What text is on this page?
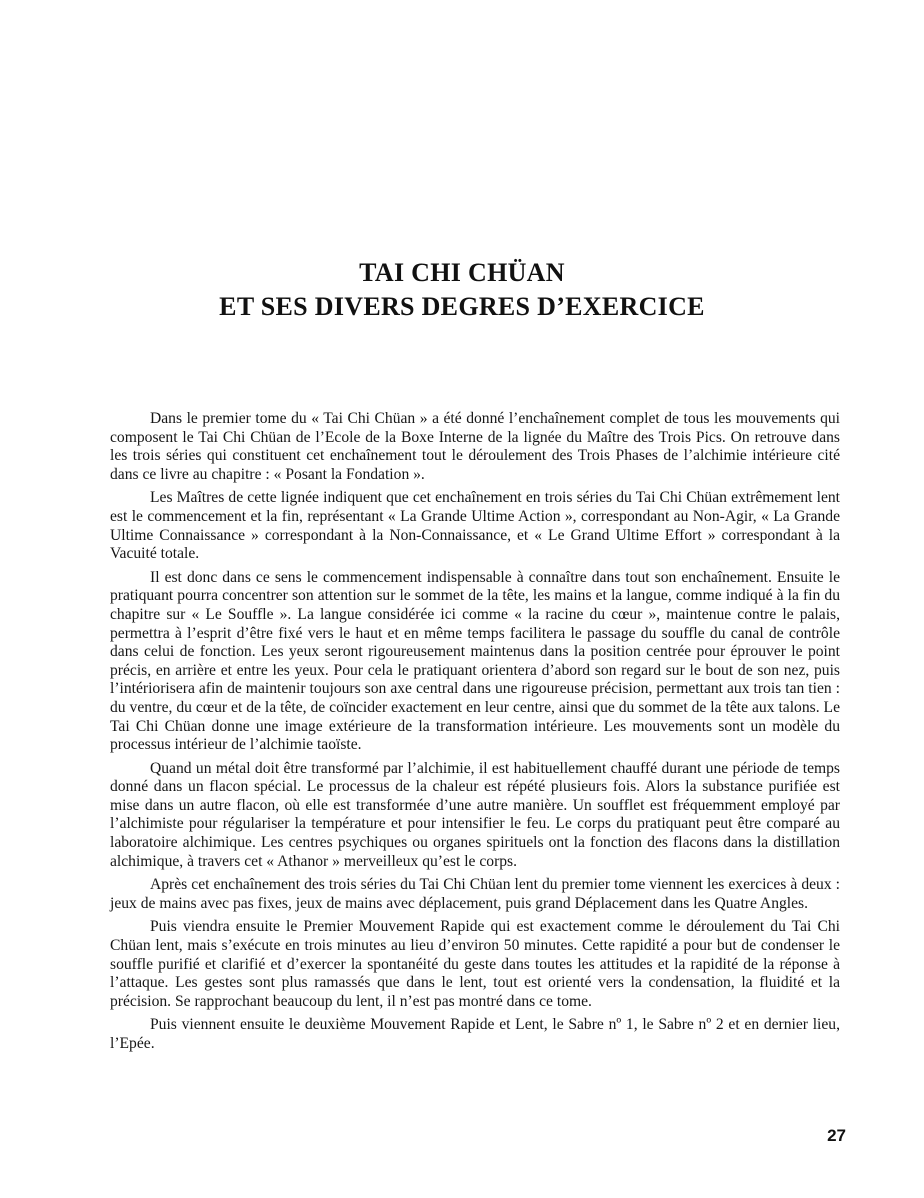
TAI CHI CHÜAN
ET SES DIVERS DEGRES D’EXERCICE

Dans le premier tome du « Tai Chi Chüan » a été donné l’enchaînement complet de tous les mouvements qui composent le Tai Chi Chüan de l’Ecole de la Boxe Interne de la lignée du Maître des Trois Pics. On retrouve dans les trois séries qui constituent cet enchaînement tout le déroulement des Trois Phases de l’alchimie intérieure cité dans ce livre au chapitre : « Posant la Fondation ».

Les Maîtres de cette lignée indiquent que cet enchaînement en trois séries du Tai Chi Chüan extrêmement lent est le commencement et la fin, représentant « La Grande Ultime Action », correspondant au Non-Agir, « La Grande Ultime Connaissance » correspondant à la Non-Connaissance, et « Le Grand Ultime Effort » correspondant à la Vacuité totale.

Il est donc dans ce sens le commencement indispensable à connaître dans tout son enchaînement. Ensuite le pratiquant pourra concentrer son attention sur le sommet de la tête, les mains et la langue, comme indiqué à la fin du chapitre sur « Le Souffle ». La langue considérée ici comme « la racine du cœur », maintenue contre le palais, permettra à l’esprit d’être fixé vers le haut et en même temps facilitera le passage du souffle du canal de contrôle dans celui de fonction. Les yeux seront rigoureusement maintenus dans la position centrée pour éprouver le point précis, en arrière et entre les yeux. Pour cela le pratiquant orientera d’abord son regard sur le bout de son nez, puis l’intériorisera afin de maintenir toujours son axe central dans une rigoureuse précision, permettant aux trois tan tien : du ventre, du cœur et de la tête, de coïncider exactement en leur centre, ainsi que du sommet de la tête aux talons. Le Tai Chi Chüan donne une image extérieure de la transformation intérieure. Les mouvements sont un modèle du processus intérieur de l’alchimie taoïste.

Quand un métal doit être transformé par l’alchimie, il est habituellement chauffé durant une période de temps donné dans un flacon spécial. Le processus de la chaleur est répété plusieurs fois. Alors la substance purifiée est mise dans un autre flacon, où elle est transformée d’une autre manière. Un soufflet est fréquemment employé par l’alchimiste pour régulariser la température et pour intensifier le feu. Le corps du pratiquant peut être comparé au laboratoire alchimique. Les centres psychiques ou organes spirituels ont la fonction des flacons dans la distillation alchimique, à travers cet « Athanor » merveilleux qu’est le corps.

Après cet enchaînement des trois séries du Tai Chi Chüan lent du premier tome viennent les exercices à deux : jeux de mains avec pas fixes, jeux de mains avec déplacement, puis grand Déplacement dans les Quatre Angles.

Puis viendra ensuite le Premier Mouvement Rapide qui est exactement comme le déroulement du Tai Chi Chüan lent, mais s’exécute en trois minutes au lieu d’environ 50 minutes. Cette rapidité a pour but de condenser le souffle purifié et clarifié et d’exercer la spontanéité du geste dans toutes les attitudes et la rapidité de la réponse à l’attaque. Les gestes sont plus ramassés que dans le lent, tout est orienté vers la condensation, la fluidité et la précision. Se rapprochant beaucoup du lent, il n’est pas montré dans ce tome.

Puis viennent ensuite le deuxième Mouvement Rapide et Lent, le Sabre nº 1, le Sabre nº 2 et en dernier lieu, l’Epée.

27
